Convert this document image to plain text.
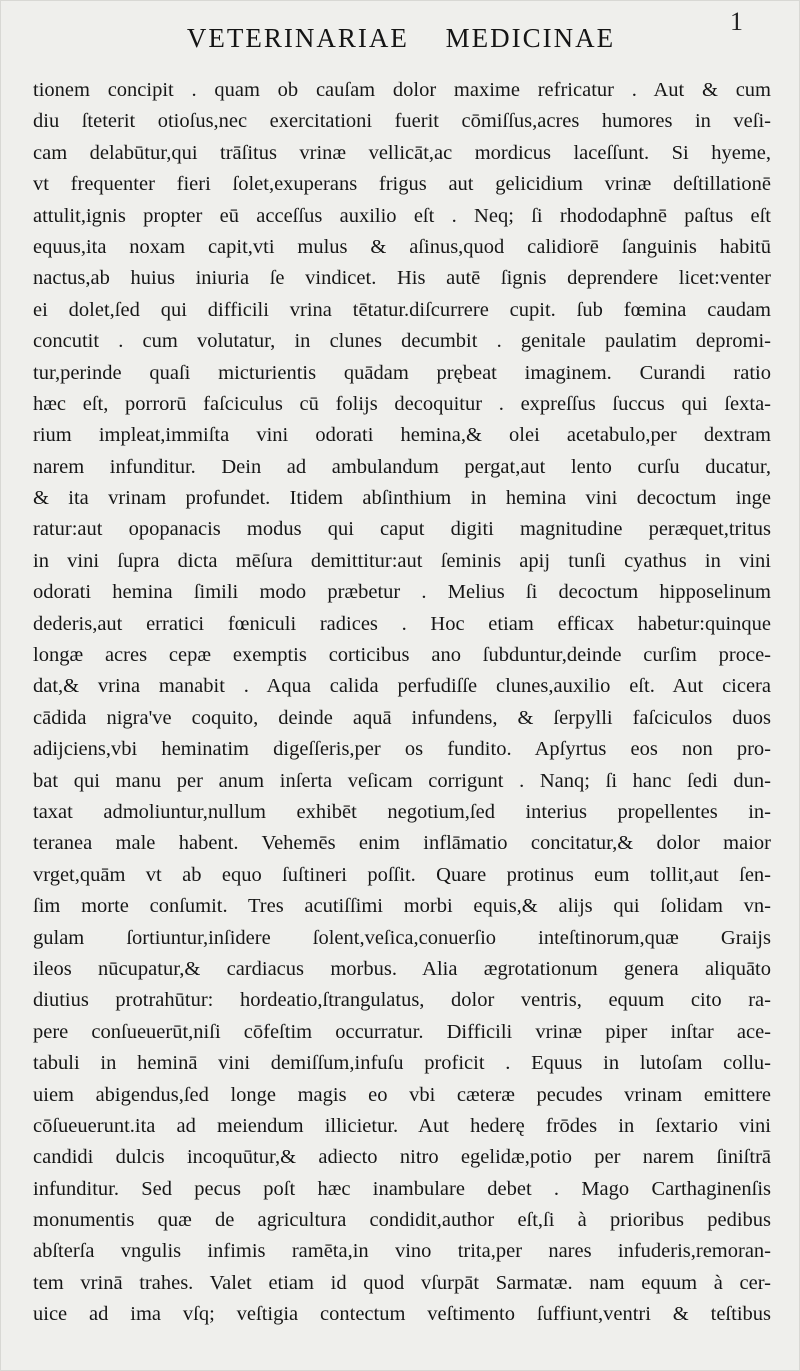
1
VETERINARIAE MEDICINAE
tionem concipit . quam ob cauſam dolor maxime refricatur . Aut & cum
diu ſteterit otioſus,nec exercitationi fuerit cōmiſſus,acres humores in veſi-
cam delabūtur,qui trāſitus vrinæ vellicāt,ac mordicus laceſſunt. Si hyeme,
vt frequenter fieri ſolet,exuperans frigus aut gelicidium vrinæ deſtillationē
attulit,ignis propter eū acceſſus auxilio eſt . Neq; ſi rhododaphnē paſtus eſt
equus,ita noxam capit,vti mulus & aſinus,quod calidiorē ſanguinis habitū
nactus,ab huius iniuria ſe vindicet. His autē ſignis deprendere licet:venter
ei dolet,ſed qui difficili vrina tētatur.diſcurrere cupit. ſub fœmina caudam
concutit . cum volutatur, in clunes decumbit . genitale paulatim depromi-
tur,perinde quaſi micturientis quādam prębeat imaginem. Curandi ratio
hæc eſt, porrorū faſciculus cū folijs decoquitur . expreſſus ſuccus qui ſexta-
rium impleat,immiſta vini odorati hemina,& olei acetabulo,per dextram
narem infunditur. Dein ad ambulandum pergat,aut lento curſu ducatur,
& ita vrinam profundet. Itidem abſinthium in hemina vini decoctum inge
ratur:aut opopanacis modus qui caput digiti magnitudine peræquet,tritus
in vini ſupra dicta mēſura demittitur:aut ſeminis apij tunſi cyathus in vini
odorati hemina ſimili modo præbetur . Melius ſi decoctum hipposelinum
dederis,aut erratici fœniculi radices . Hoc etiam efficax habetur:quinque
longæ acres cepæ exemptis corticibus ano ſubduntur,deinde curſim proce-
dat,& vrina manabit . Aqua calida perfudiſſe clunes,auxilio eſt. Aut cicera
cādida nigra've coquito, deinde aquā infundens, & ſerpylli faſciculos duos
adijciens,vbi heminatim digeſſeris,per os fundito. Apſyrtus eos non pro-
bat qui manu per anum inſerta veſicam corrigunt . Nanq; ſi hanc ſedi dun-
taxat admoliuntur,nullum exhibēt negotium,ſed interius propellentes in-
teranea male habent. Vehemēs enim inflāmatio concitatur,& dolor maior
vrget,quām vt ab equo ſuſtineri poſſit. Quare protinus eum tollit,aut ſen-
ſim morte conſumit. Tres acutiſſimi morbi equis,& alijs qui ſolidam vn-
gulam ſortiuntur,inſidere ſolent,veſica,conuerſio inteſtinorum,quæ Graijs
ileos nūcupatur,& cardiacus morbus. Alia ægrotationum genera aliquāto
diutius protrahūtur: hordeatio,ſtrangulatus, dolor ventris, equum cito ra-
pere conſueuerūt,niſi cōfeſtim occurratur. Difficili vrinæ piper inſtar ace-
tabuli in heminā vini demiſſum,infuſu proficit . Equus in lutoſam collu-
uiem abigendus,ſed longe magis eo vbi cæteræ pecudes vrinam emittere
cōſueuerunt.ita ad meiendum illicietur. Aut hederę frōdes in ſextario vini
candidi dulcis incoquūtur,& adiecto nitro egelidæ,potio per narem ſiniſtrā
infunditur. Sed pecus poſt hæc inambulare debet . Mago Carthaginenſis
monumentis quæ de agricultura condidit,author eſt,ſi à prioribus pedibus
abſterſa vngulis infimis ramēta,in vino trita,per nares infuderis,remoran-
tem vrinā trahes. Valet etiam id quod vſurpāt Sarmatæ. nam equum à cer-
uice ad ima vſq; veſtigia contectum veſtimento ſuffiunt,ventri & teſtibus
